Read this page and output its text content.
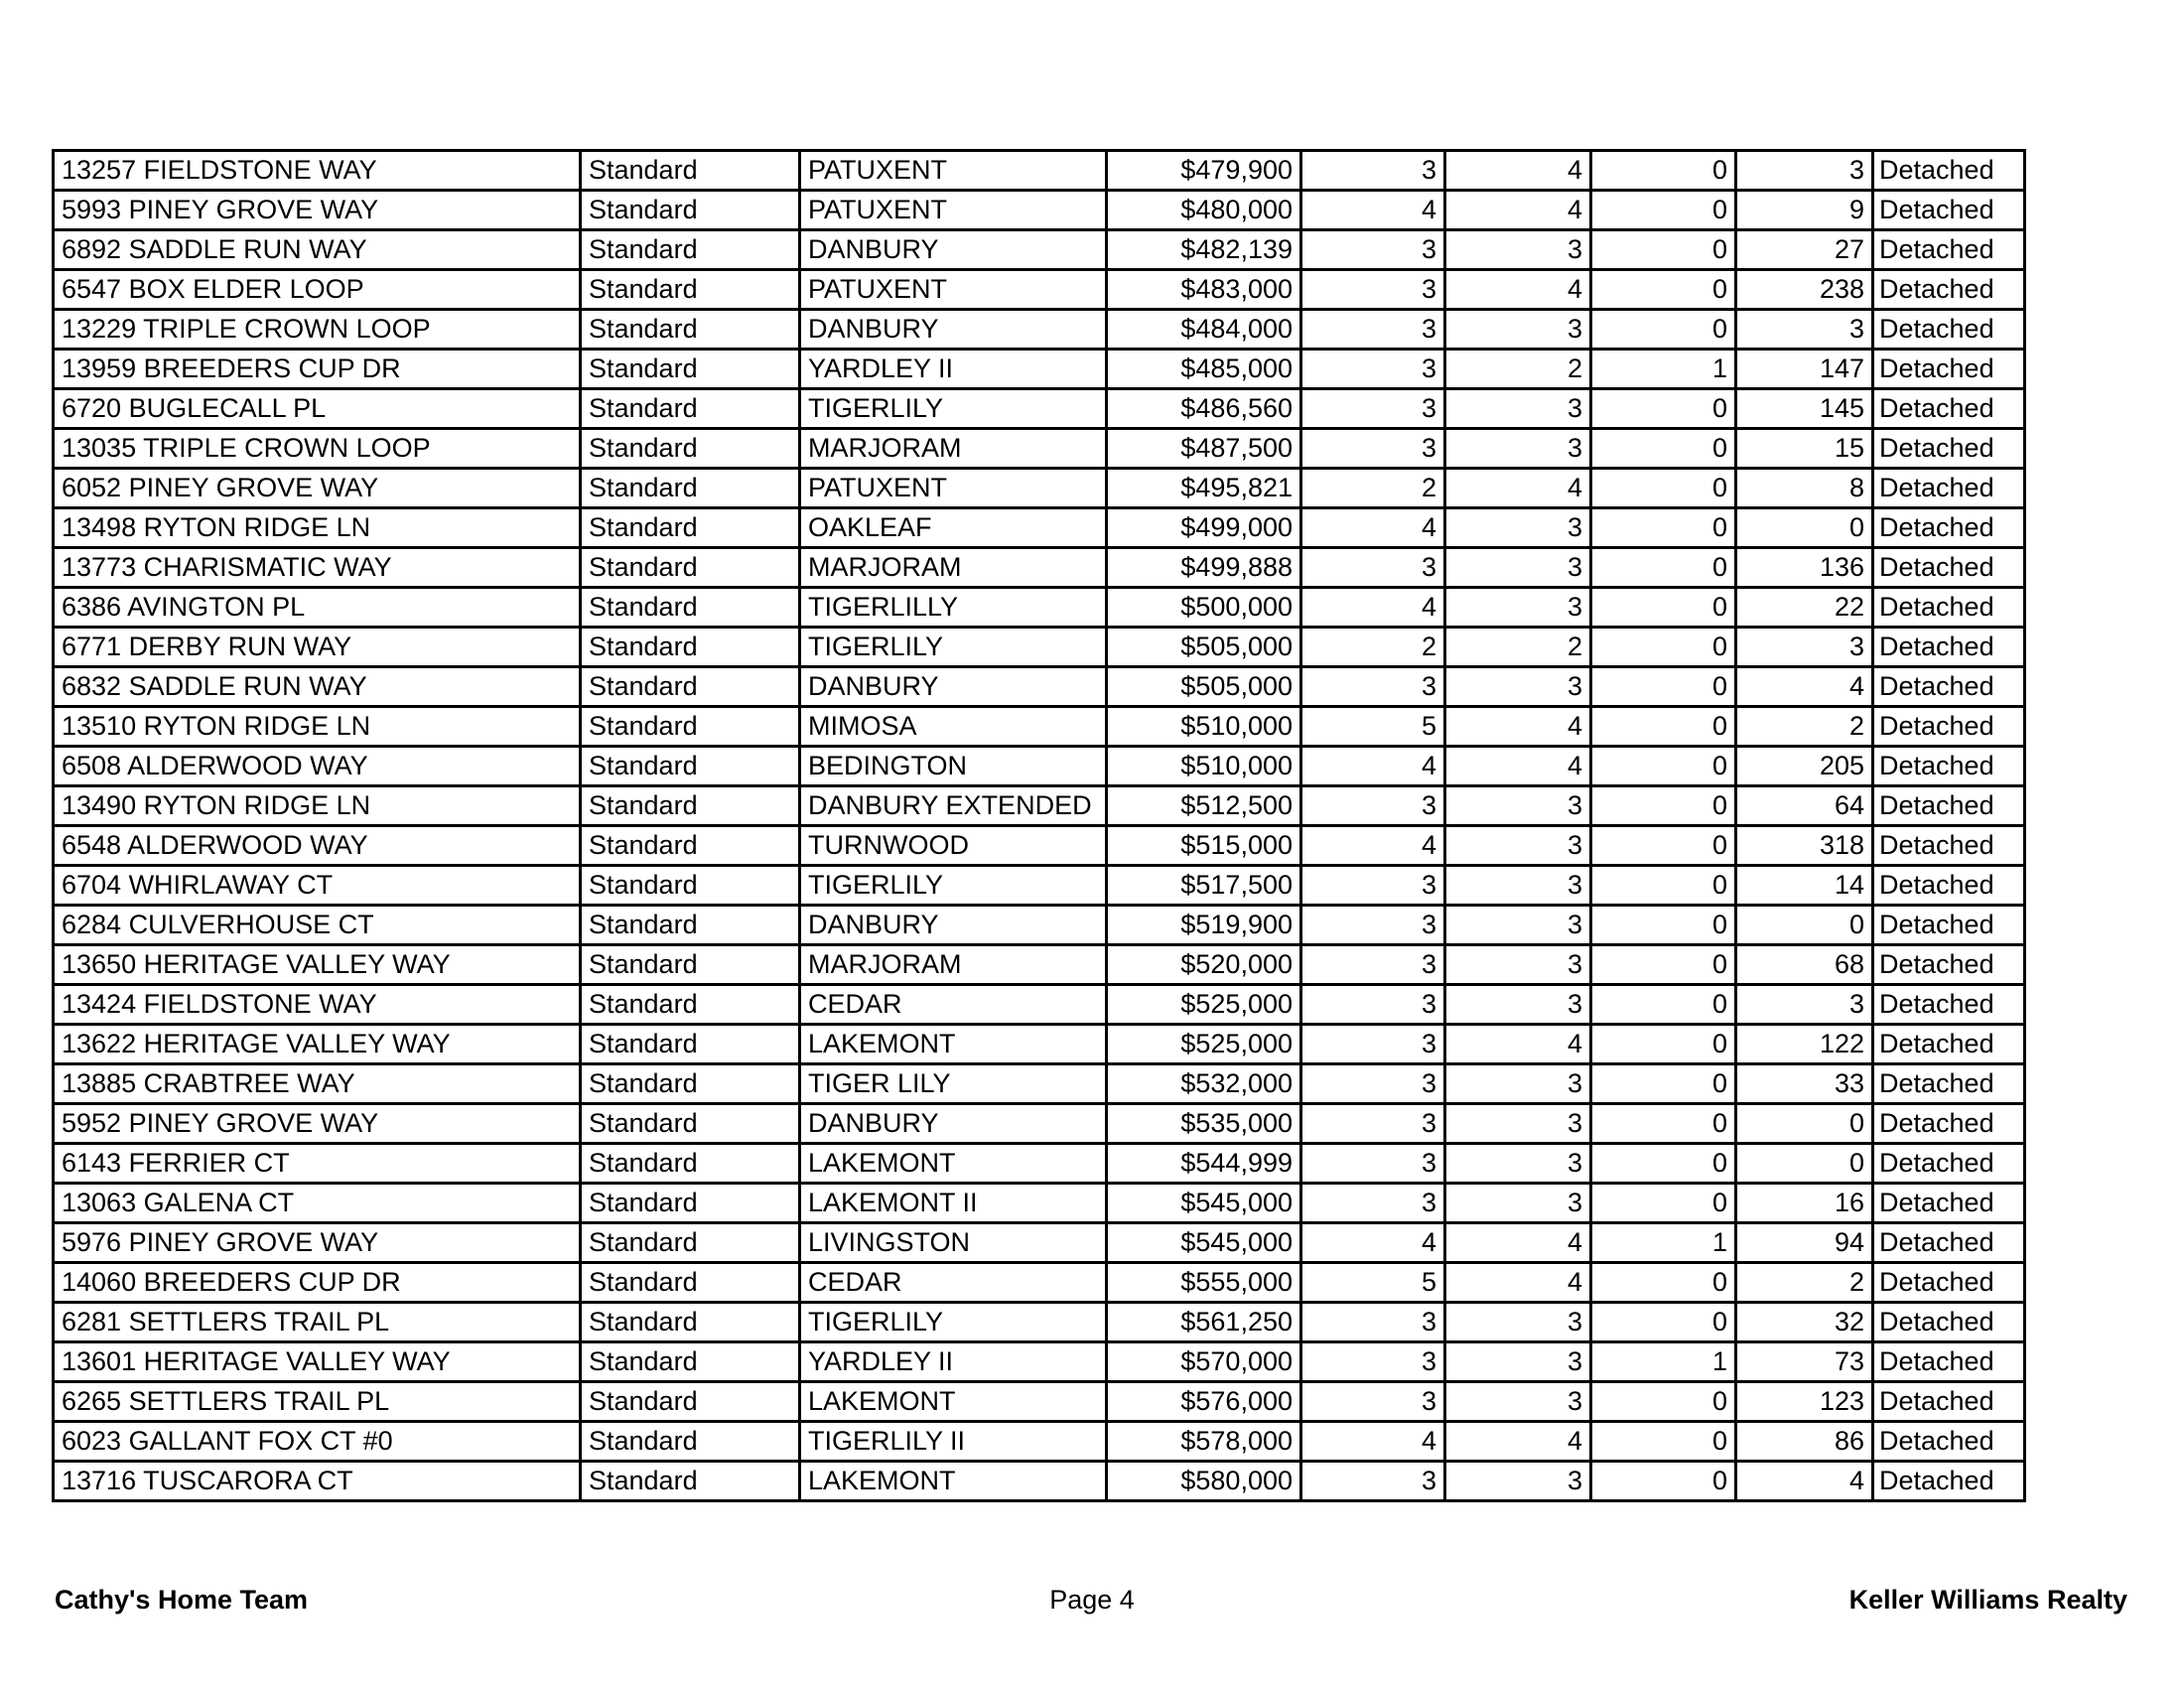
13257 FIELDSTONE WAY	Standard	PATUXENT	$479,900	3	4	0	3	Detached
5993 PINEY GROVE WAY	Standard	PATUXENT	$480,000	4	4	0	9	Detached
6892 SADDLE RUN WAY	Standard	DANBURY	$482,139	3	3	0	27	Detached
6547 BOX ELDER LOOP	Standard	PATUXENT	$483,000	3	4	0	238	Detached
13229 TRIPLE CROWN LOOP	Standard	DANBURY	$484,000	3	3	0	3	Detached
13959 BREEDERS CUP DR	Standard	YARDLEY II	$485,000	3	2	1	147	Detached
6720 BUGLECALL PL	Standard	TIGERLILY	$486,560	3	3	0	145	Detached
13035 TRIPLE CROWN LOOP	Standard	MARJORAM	$487,500	3	3	0	15	Detached
6052 PINEY GROVE WAY	Standard	PATUXENT	$495,821	2	4	0	8	Detached
13498 RYTON RIDGE LN	Standard	OAKLEAF	$499,000	4	3	0	0	Detached
13773 CHARISMATIC WAY	Standard	MARJORAM	$499,888	3	3	0	136	Detached
6386 AVINGTON PL	Standard	TIGERLILLY	$500,000	4	3	0	22	Detached
6771 DERBY RUN WAY	Standard	TIGERLILY	$505,000	2	2	0	3	Detached
6832 SADDLE RUN WAY	Standard	DANBURY	$505,000	3	3	0	4	Detached
13510 RYTON RIDGE LN	Standard	MIMOSA	$510,000	5	4	0	2	Detached
6508 ALDERWOOD WAY	Standard	BEDINGTON	$510,000	4	4	0	205	Detached
13490 RYTON RIDGE LN	Standard	DANBURY EXTENDED	$512,500	3	3	0	64	Detached
6548 ALDERWOOD WAY	Standard	TURNWOOD	$515,000	4	3	0	318	Detached
6704 WHIRLAWAY CT	Standard	TIGERLILY	$517,500	3	3	0	14	Detached
6284 CULVERHOUSE CT	Standard	DANBURY	$519,900	3	3	0	0	Detached
13650 HERITAGE VALLEY WAY	Standard	MARJORAM	$520,000	3	3	0	68	Detached
13424 FIELDSTONE WAY	Standard	CEDAR	$525,000	3	3	0	3	Detached
13622 HERITAGE VALLEY WAY	Standard	LAKEMONT	$525,000	3	4	0	122	Detached
13885 CRABTREE WAY	Standard	TIGER LILY	$532,000	3	3	0	33	Detached
5952 PINEY GROVE WAY	Standard	DANBURY	$535,000	3	3	0	0	Detached
6143 FERRIER CT	Standard	LAKEMONT	$544,999	3	3	0	0	Detached
13063 GALENA CT	Standard	LAKEMONT II	$545,000	3	3	0	16	Detached
5976 PINEY GROVE WAY	Standard	LIVINGSTON	$545,000	4	4	1	94	Detached
14060 BREEDERS CUP DR	Standard	CEDAR	$555,000	5	4	0	2	Detached
6281 SETTLERS TRAIL PL	Standard	TIGERLILY	$561,250	3	3	0	32	Detached
13601 HERITAGE VALLEY WAY	Standard	YARDLEY II	$570,000	3	3	1	73	Detached
6265 SETTLERS TRAIL PL	Standard	LAKEMONT	$576,000	3	3	0	123	Detached
6023 GALLANT FOX CT #0	Standard	TIGERLILY II	$578,000	4	4	0	86	Detached
13716 TUSCARORA CT	Standard	LAKEMONT	$580,000	3	3	0	4	Detached
Cathy's Home Team	Page 4	Keller Williams Realty
